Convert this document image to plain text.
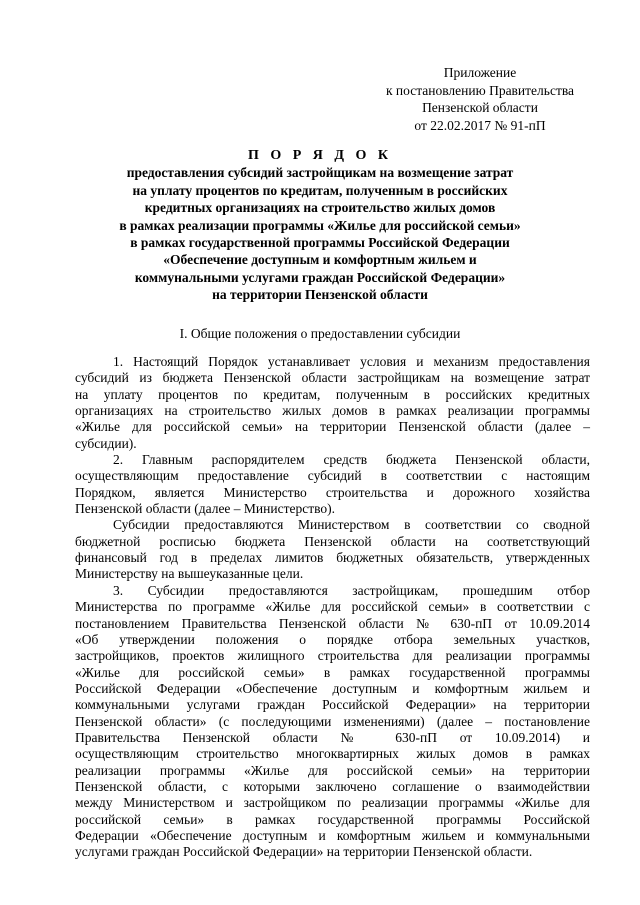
Приложение
к постановлению Правительства
Пензенской области
от 22.02.2017 № 91-пП
П О Р Я Д О К
предоставления субсидий застройщикам на возмещение затрат
на уплату процентов по кредитам, полученным в российских
кредитных организациях на строительство жилых домов
в рамках реализации программы «Жилье для российской семьи»
в рамках государственной программы Российской Федерации
«Обеспечение доступным и комфортным жильем и
коммунальными услугами граждан Российской Федерации»
на территории Пензенской области
I. Общие положения о предоставлении субсидии
1. Настоящий Порядок устанавливает условия и механизм предоставления
субсидий из бюджета Пензенской области застройщикам на возмещение затрат
на уплату процентов по кредитам, полученным в российских кредитных
организациях на строительство жилых домов в рамках реализации программы
«Жилье для российской семьи» на территории Пензенской области (далее –
субсидии).
2. Главным распорядителем средств бюджета Пензенской области,
осуществляющим предоставление субсидий в соответствии с настоящим
Порядком, является Министерство строительства и дорожного хозяйства
Пензенской области (далее – Министерство).
Субсидии предоставляются Министерством в соответствии со сводной
бюджетной росписью бюджета Пензенской области на соответствующий
финансовый год в пределах лимитов бюджетных обязательств, утвержденных
Министерству на вышеуказанные цели.
3. Субсидии предоставляются застройщикам, прошедшим отбор
Министерства по программе «Жилье для российской семьи» в соответствии с
постановлением Правительства Пензенской области № 630-пП от 10.09.2014
«Об утверждении положения о порядке отбора земельных участков,
застройщиков, проектов жилищного строительства для реализации программы
«Жилье для российской семьи» в рамках государственной программы
Российской Федерации «Обеспечение доступным и комфортным жильем и
коммунальными услугами граждан Российской Федерации» на территории
Пензенской области» (с последующими изменениями) (далее – постановление
Правительства Пензенской области № 630-пП от 10.09.2014) и
осуществляющим строительство многоквартирных жилых домов в рамках
реализации программы «Жилье для российской семьи» на территории
Пензенской области, с которыми заключено соглашение о взаимодействии
между Министерством и застройщиком по реализации программы «Жилье для
российской семьи» в рамках государственной программы Российской
Федерации «Обеспечение доступным и комфортным жильем и коммунальными
услугами граждан Российской Федерации» на территории Пензенской области.
